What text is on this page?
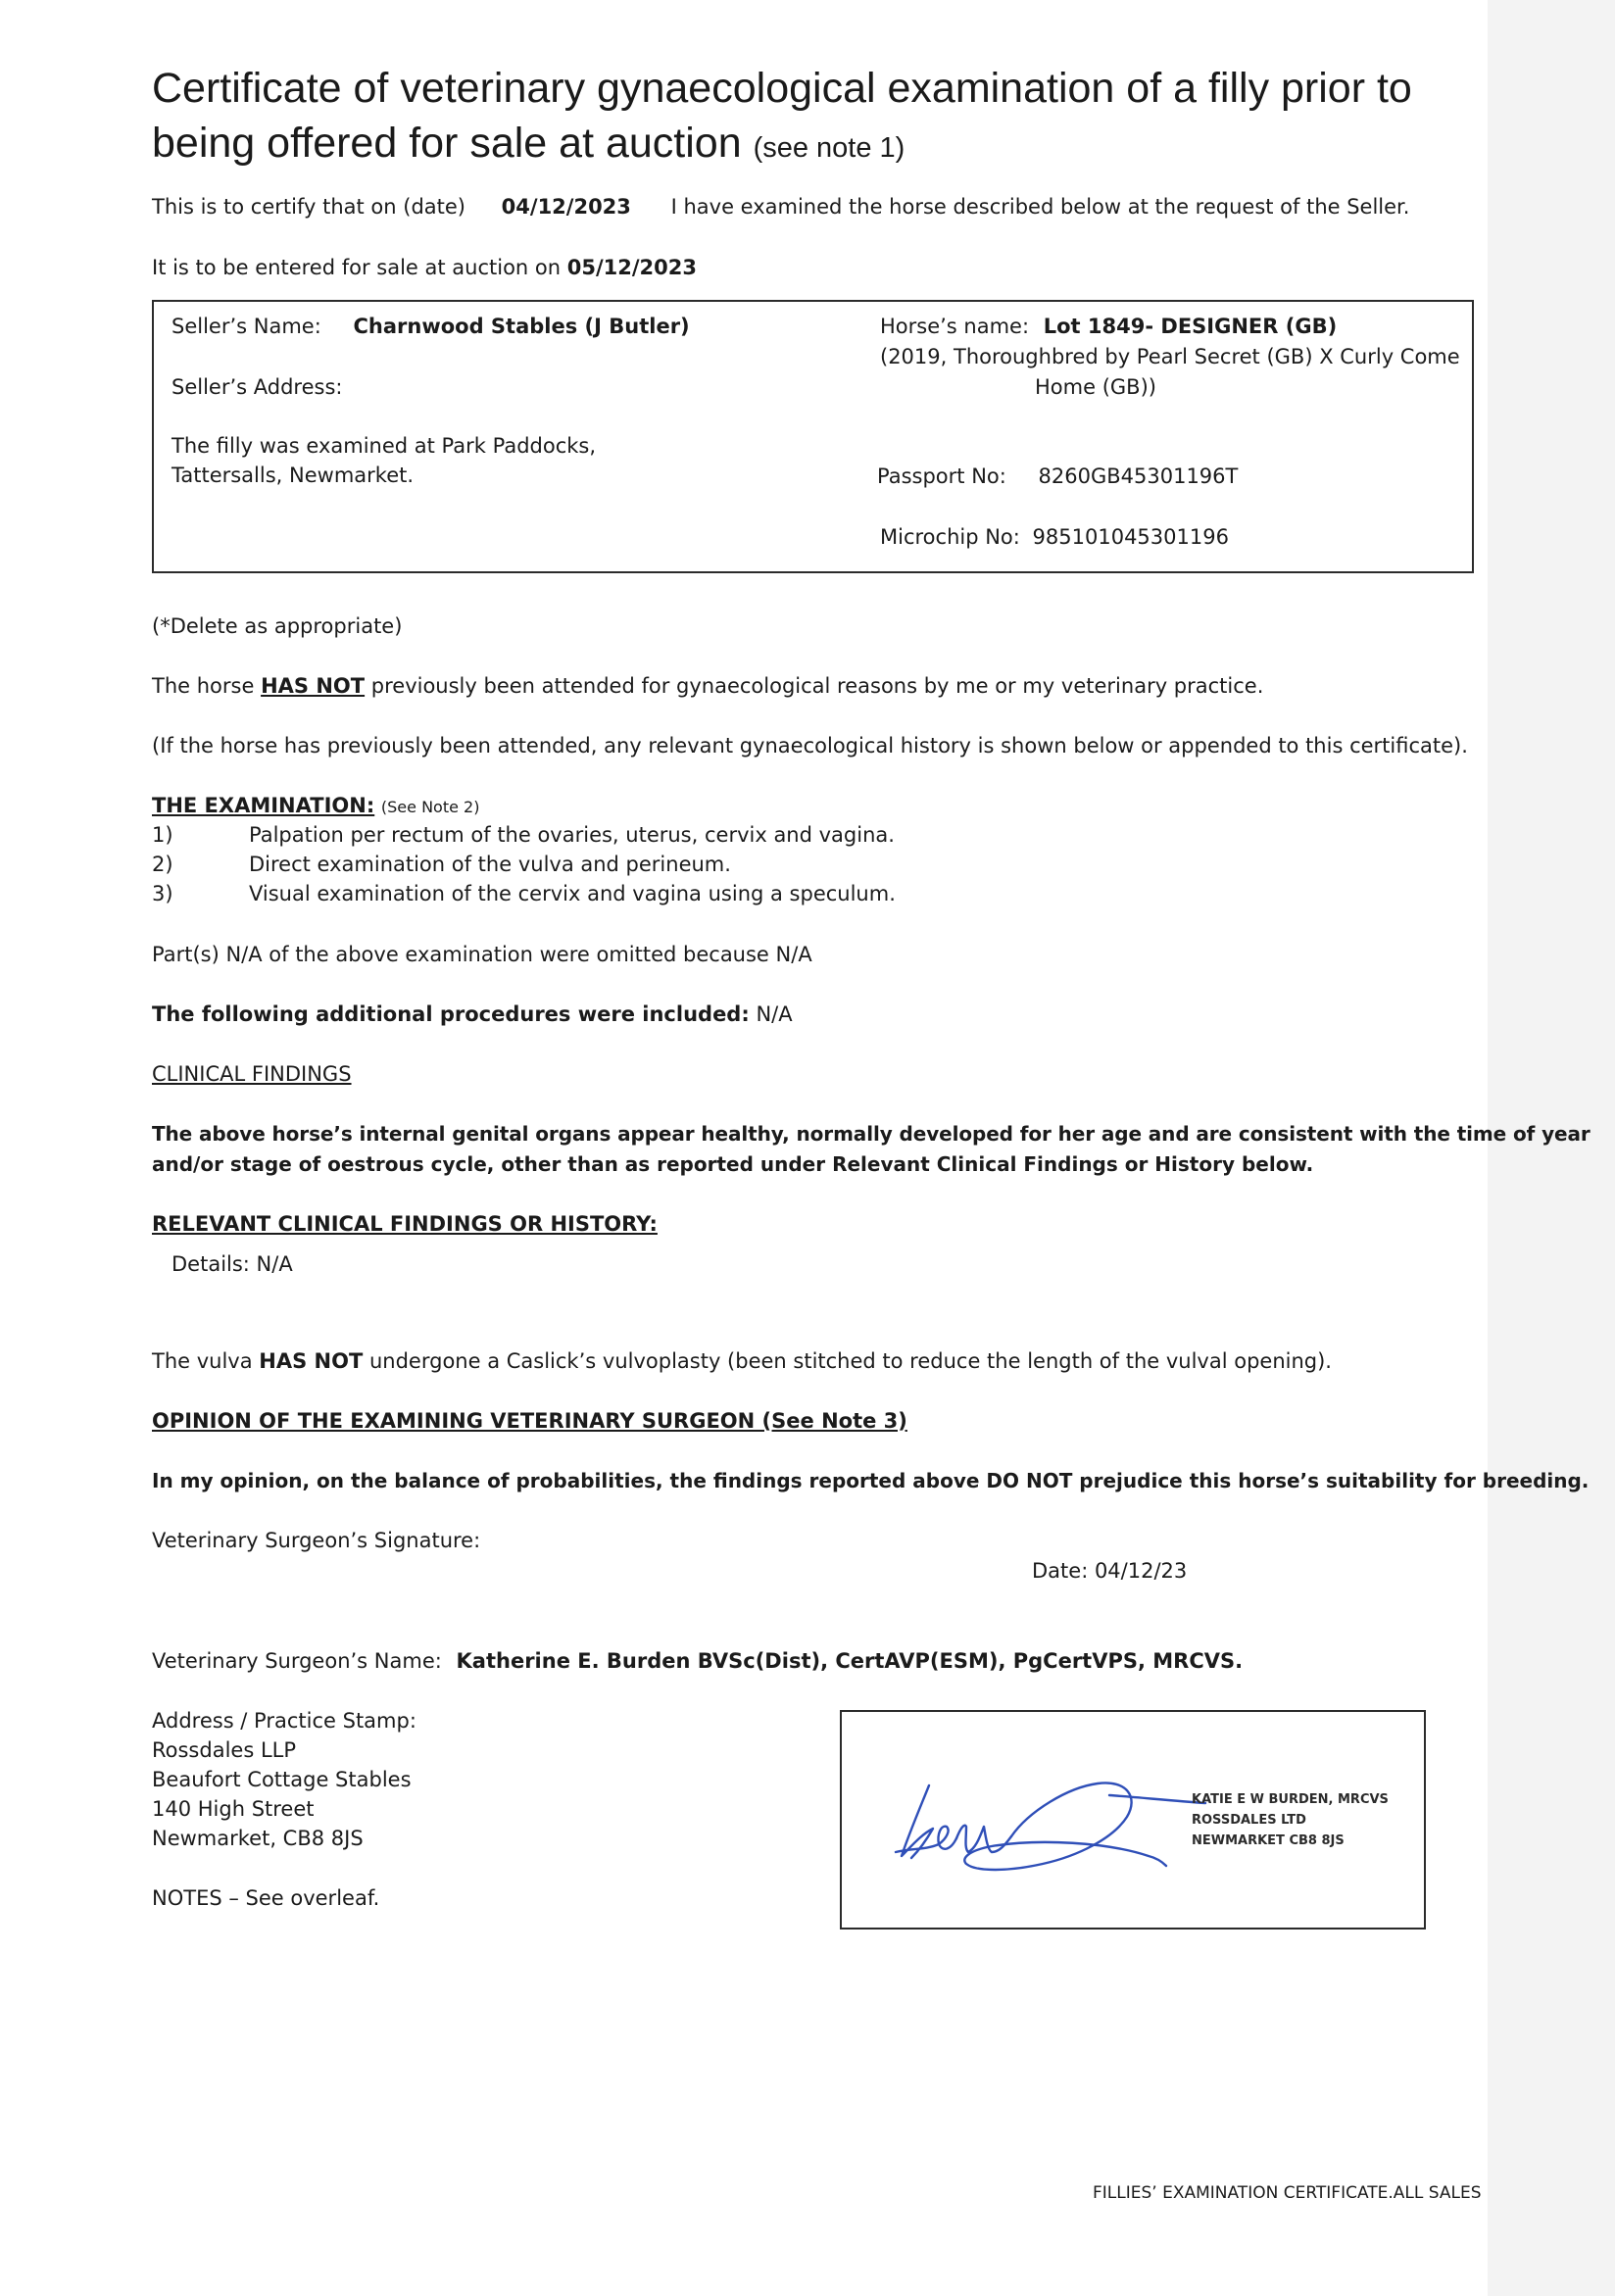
Certificate of veterinary gynaecological examination of a filly prior to being offered for sale at auction (see note 1)
This is to certify that on (date) 04/12/2023 I have examined the horse described below at the request of the Seller.
It is to be entered for sale at auction on 05/12/2023
Seller’s Name: Charnwood Stables (J Butler)
Seller’s Address:
The filly was examined at Park Paddocks,
Tattersalls, Newmarket.
Horse’s name: Lot 1849- DESIGNER (GB)
(2019, Thoroughbred by Pearl Secret (GB) X Curly Come
Home (GB))
Passport No: 8260GB45301196T
Microchip No: 985101045301196
(*Delete as appropriate)
The horse HAS NOT previously been attended for gynaecological reasons by me or my veterinary practice.
(If the horse has previously been attended, any relevant gynaecological history is shown below or appended to this certificate).
THE EXAMINATION: (See Note 2)
1)	Palpation per rectum of the ovaries, uterus, cervix and vagina.
2)	Direct examination of the vulva and perineum.
3)	Visual examination of the cervix and vagina using a speculum.
Part(s) N/A of the above examination were omitted because N/A
The following additional procedures were included: N/A
CLINICAL FINDINGS
The above horse’s internal genital organs appear healthy, normally developed for her age and are consistent with the time of year
and/or stage of oestrous cycle, other than as reported under Relevant Clinical Findings or History below.
RELEVANT CLINICAL FINDINGS OR HISTORY:
Details: N/A
The vulva HAS NOT undergone a Caslick’s vulvoplasty (been stitched to reduce the length of the vulval opening).
OPINION OF THE EXAMINING VETERINARY SURGEON (See Note 3)
In my opinion, on the balance of probabilities, the findings reported above DO NOT prejudice this horse’s suitability for breeding.
Veterinary Surgeon’s Signature:
Date: 04/12/23
Veterinary Surgeon’s Name: Katherine E. Burden BVSc(Dist), CertAVP(ESM), PgCertVPS, MRCVS.
Address / Practice Stamp:
Rossdales LLP
Beaufort Cottage Stables
140 High Street
Newmarket, CB8 8JS
NOTES – See overleaf.
KATIE E W BURDEN, MRCVS
ROSSDALES LTD
NEWMARKET CB8 8JS
FILLIES’ EXAMINATION CERTIFICATE.ALL SALES
